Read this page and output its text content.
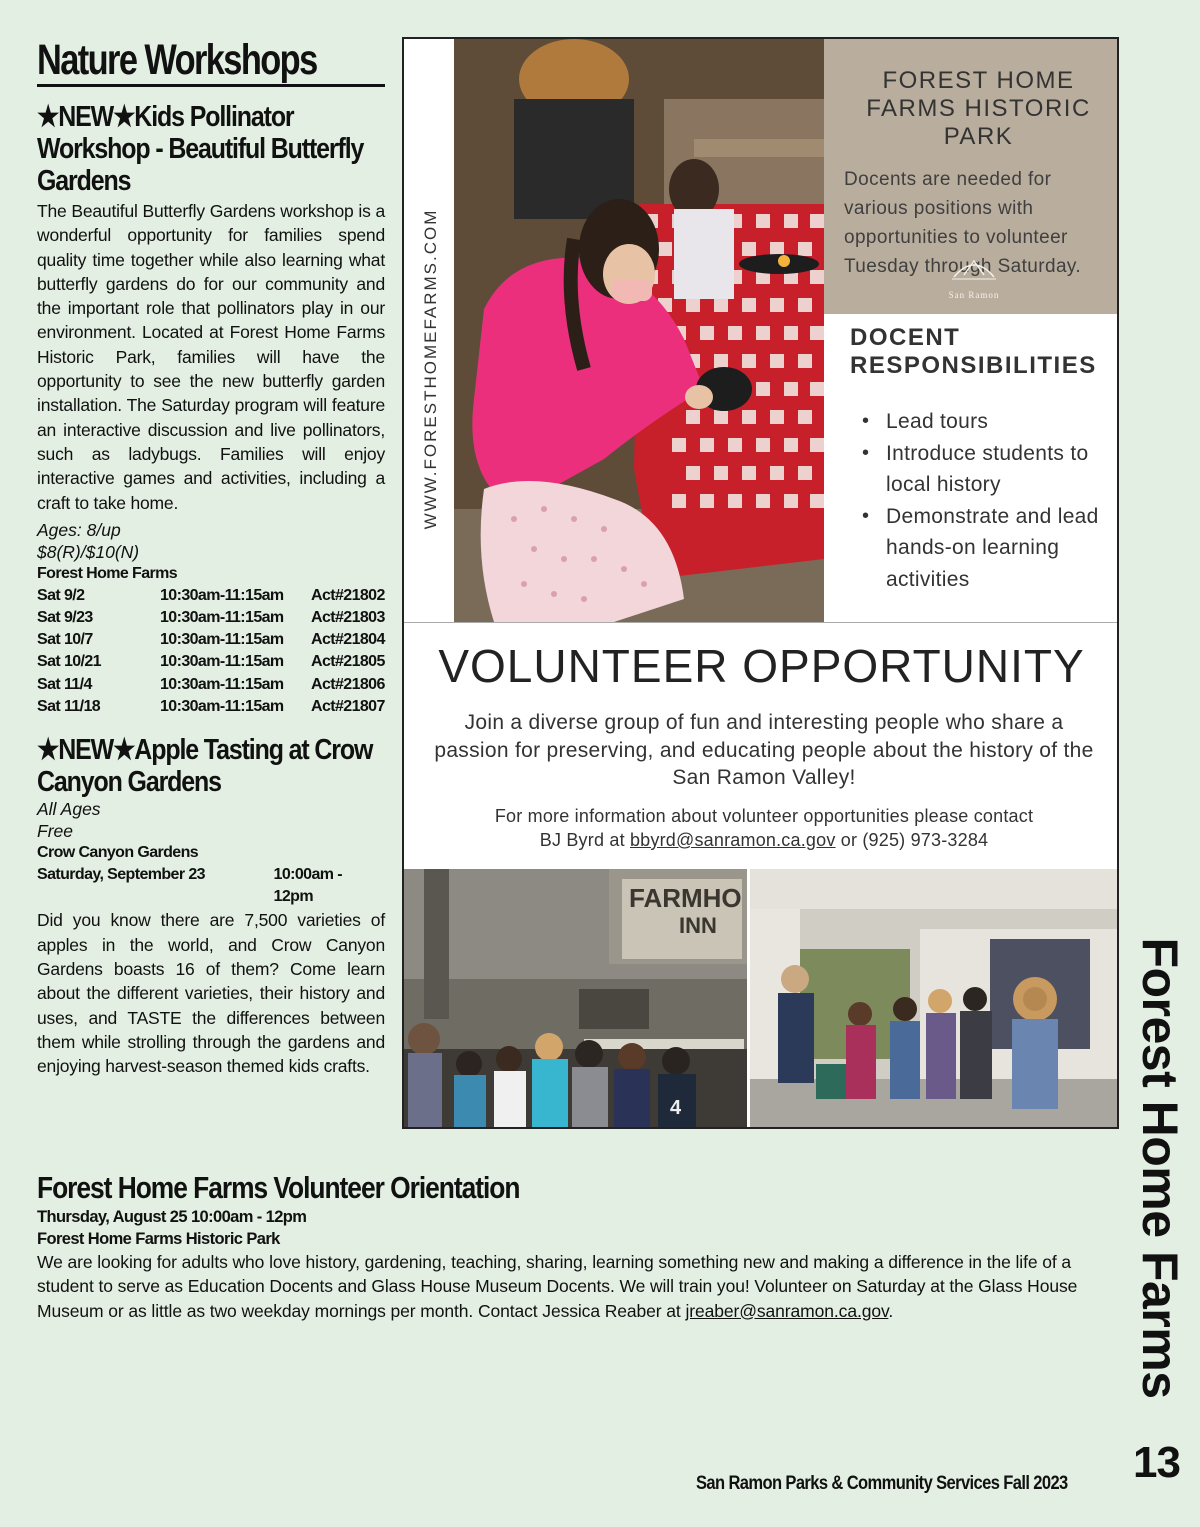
Nature Workshops
★NEW★Kids Pollinator Workshop - Beautiful Butterfly Gardens
The Beautiful Butterfly Gardens workshop is a wonderful opportunity for families spend quality time together while also learning what butterfly gardens do for our community and the important role that pollinators play in our environment. Located at Forest Home Farms Historic Park, families will have the opportunity to see the new butterfly garden installation. The Saturday program will feature an interactive discussion and live pollinators, such as ladybugs. Families will enjoy interactive games and activities, including a craft to take home.
Ages: 8/up
$8(R)/$10(N)
Forest Home Farms
Sat 9/2	10:30am-11:15am	Act#21802
Sat 9/23	10:30am-11:15am	Act#21803
Sat 10/7	10:30am-11:15am	Act#21804
Sat 10/21	10:30am-11:15am	Act#21805
Sat 11/4	10:30am-11:15am	Act#21806
Sat 11/18	10:30am-11:15am	Act#21807
★NEW★Apple Tasting at Crow Canyon Gardens
All Ages
Free
Crow Canyon Gardens
Saturday, September 23	10:00am - 12pm
Did you know there are 7,500 varieties of apples in the world, and Crow Canyon Gardens boasts 16 of them? Come learn about the different varieties, their history and uses, and TASTE the differences between them while strolling through the gardens and enjoying harvest-season themed kids crafts.
WWW.FORESTHOMEFARMS.COM
FOREST HOME FARMS HISTORIC PARK
Docents are needed for various positions with opportunities to volunteer Tuesday through Saturday.
San Ramon
DOCENT RESPONSIBILITIES
• Lead tours
• Introduce students to local history
• Demonstrate and lead hands-on learning activities
VOLUNTEER OPPORTUNITY
Join a diverse group of fun and interesting people who share a passion for preserving, and educating people about the history of the San Ramon Valley!
For more information about volunteer opportunities please contact
BJ Byrd at bbyrd@sanramon.ca.gov or (925) 973-3284
FARMHO
INN
4
Forest Home Farms Volunteer Orientation
Thursday, August 25 10:00am - 12pm
Forest Home Farms Historic Park
We are looking for adults who love history, gardening, teaching, sharing, learning something new and making a difference in the life of a student to serve as Education Docents and Glass House Museum Docents. We will train you! Volunteer on Saturday at the Glass House Museum or as little as two weekday mornings per month. Contact Jessica Reaber at jreaber@sanramon.ca.gov.	Forest Home Farms
San Ramon Parks & Community Services Fall 2023	13
